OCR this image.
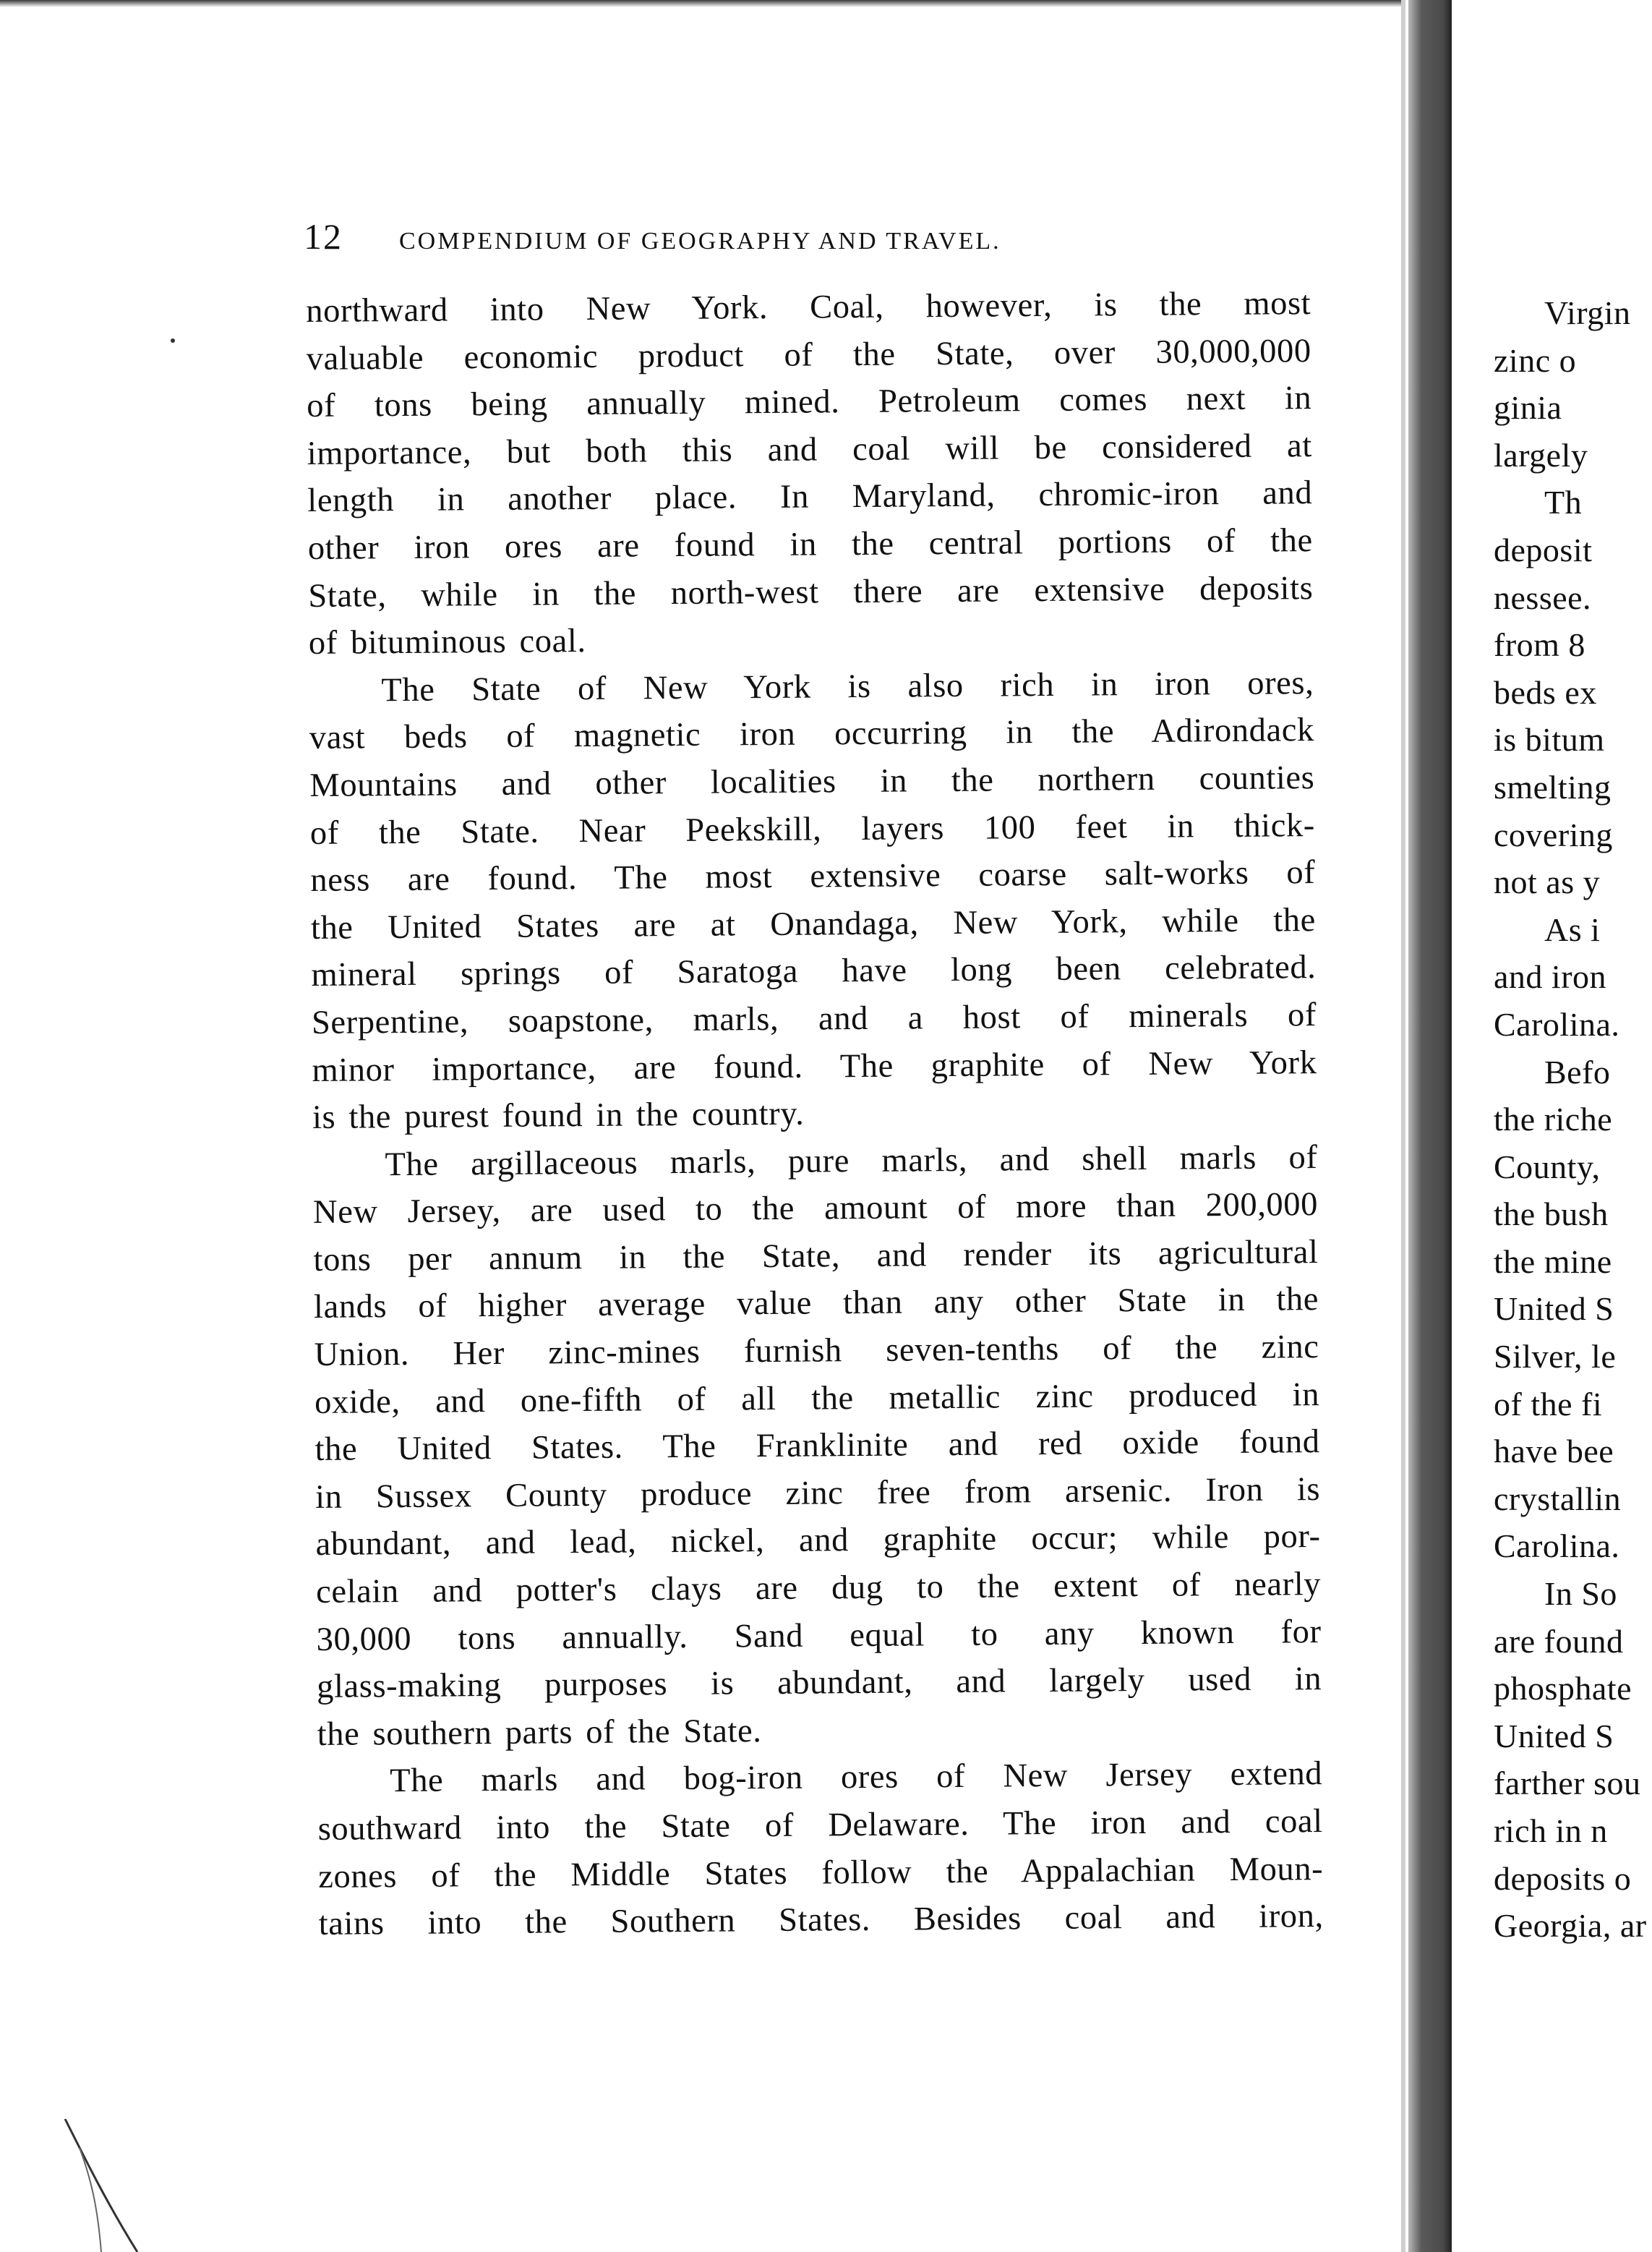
12 COMPENDIUM OF GEOGRAPHY AND TRAVEL.
northward into New York. Coal, however, is the most
valuable economic product of the State, over 30,000,000
of tons being annually mined. Petroleum comes next in
importance, but both this and coal will be considered at
length in another place. In Maryland, chromic-iron and
other iron ores are found in the central portions of the
State, while in the north-west there are extensive deposits
of bituminous coal.
The State of New York is also rich in iron ores,
vast beds of magnetic iron occurring in the Adirondack
Mountains and other localities in the northern counties
of the State. Near Peekskill, layers 100 feet in thick-
ness are found. The most extensive coarse salt-works of
the United States are at Onandaga, New York, while the
mineral springs of Saratoga have long been celebrated.
Serpentine, soapstone, marls, and a host of minerals of
minor importance, are found. The graphite of New York
is the purest found in the country.
The argillaceous marls, pure marls, and shell marls of
New Jersey, are used to the amount of more than 200,000
tons per annum in the State, and render its agricultural
lands of higher average value than any other State in the
Union. Her zinc-mines furnish seven-tenths of the zinc
oxide, and one-fifth of all the metallic zinc produced in
the United States. The Franklinite and red oxide found
in Sussex County produce zinc free from arsenic. Iron is
abundant, and lead, nickel, and graphite occur; while por-
celain and potter's clays are dug to the extent of nearly
30,000 tons annually. Sand equal to any known for
glass-making purposes is abundant, and largely used in
the southern parts of the State.
The marls and bog-iron ores of New Jersey extend
southward into the State of Delaware. The iron and coal
zones of the Middle States follow the Appalachian Moun-
tains into the Southern States. Besides coal and iron,
Virgin
zinc o
ginia
largely
Th
deposit
nessee.
from 8
beds ex
is bitum
smelting
covering
not as y
As i
and iron
Carolina.
Befo
the riche
County,
the bush
the mine
United S
Silver, le
of the fi
have bee
crystallin
Carolina.
In So
are found
phosphate
United S
farther sou
rich in n
deposits o
Georgia, ar
